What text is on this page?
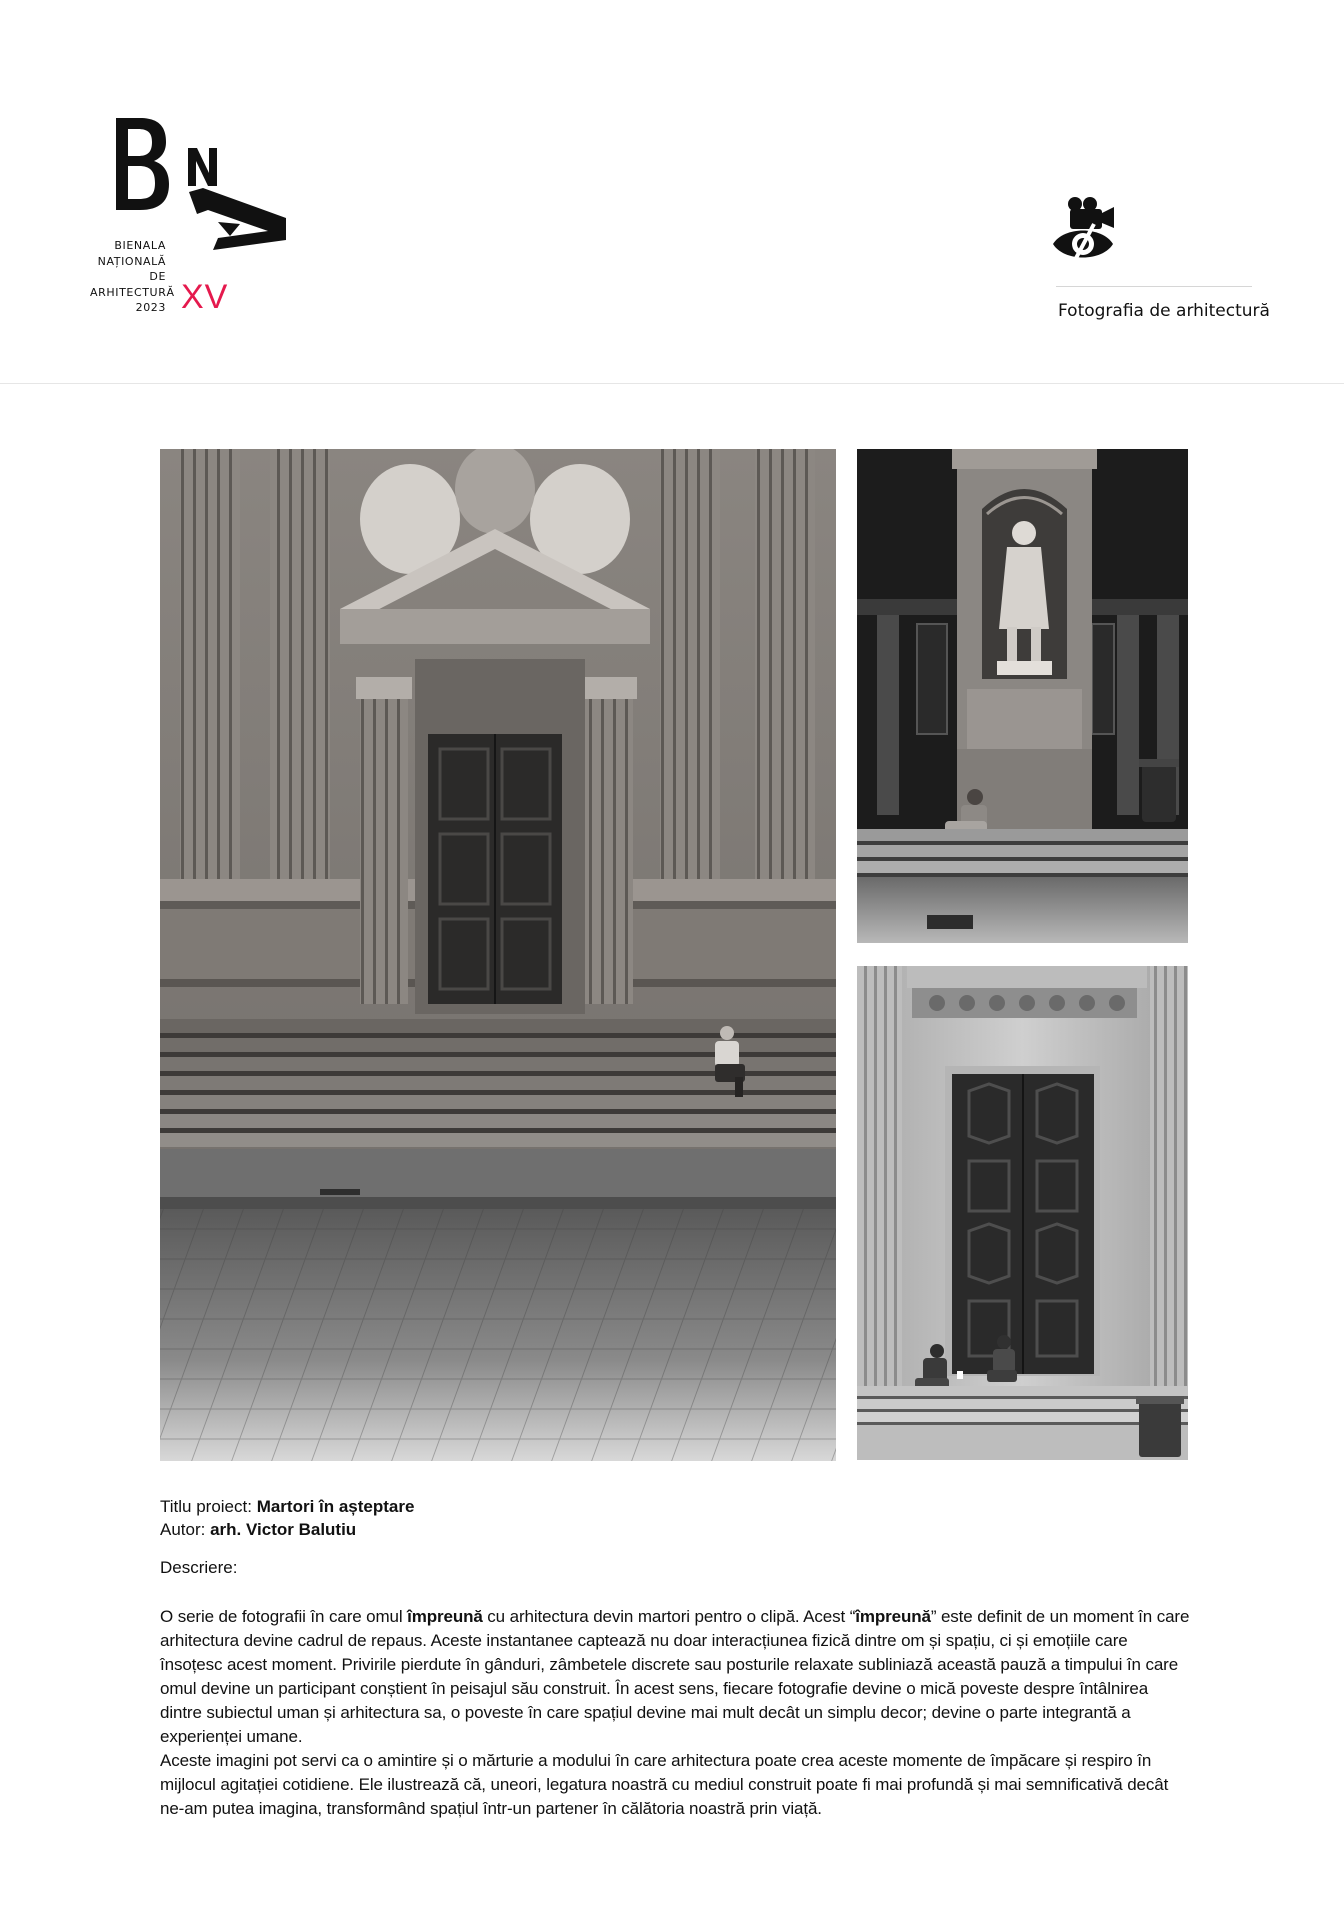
BIENALA
NAȚIONALĂ
DE
ARHITECTURĂ
2023 XV	Fotografia de arhitectură
Titlu proiect: Martori în așteptare
Autor: arh. Victor Balutiu
Descriere:

O serie de fotografii în care omul împreună cu arhitectura devin martori pentro o clipă. Acest “împreună” este definit de un moment în care arhitectura devine cadrul de repaus. Aceste instantanee captează nu doar interacțiunea fizică dintre om și spațiu, ci și emoțiile care însoțesc acest moment. Privirile pierdute în gânduri, zâmbetele discrete sau posturile relaxate subliniază această pauză a timpului în care omul devine un participant conștient în peisajul său construit. În acest sens, fiecare fotografie devine o mică poveste despre întâlnirea dintre subiectul uman și arhitectura sa, o poveste în care spațiul devine mai mult decât un simplu decor; devine o parte integrantă a experienței umane.

Aceste imagini pot servi ca o amintire și o mărturie a modului în care arhitectura poate crea aceste momente de împăcare și respiro în mijlocul agitației cotidiene. Ele ilustrează că, uneori, legatura noastră cu mediul construit poate fi mai profundă și mai semnificativă decât ne-am putea imagina, transformând spațiul într-un partener în călătoria noastră prin viață.
